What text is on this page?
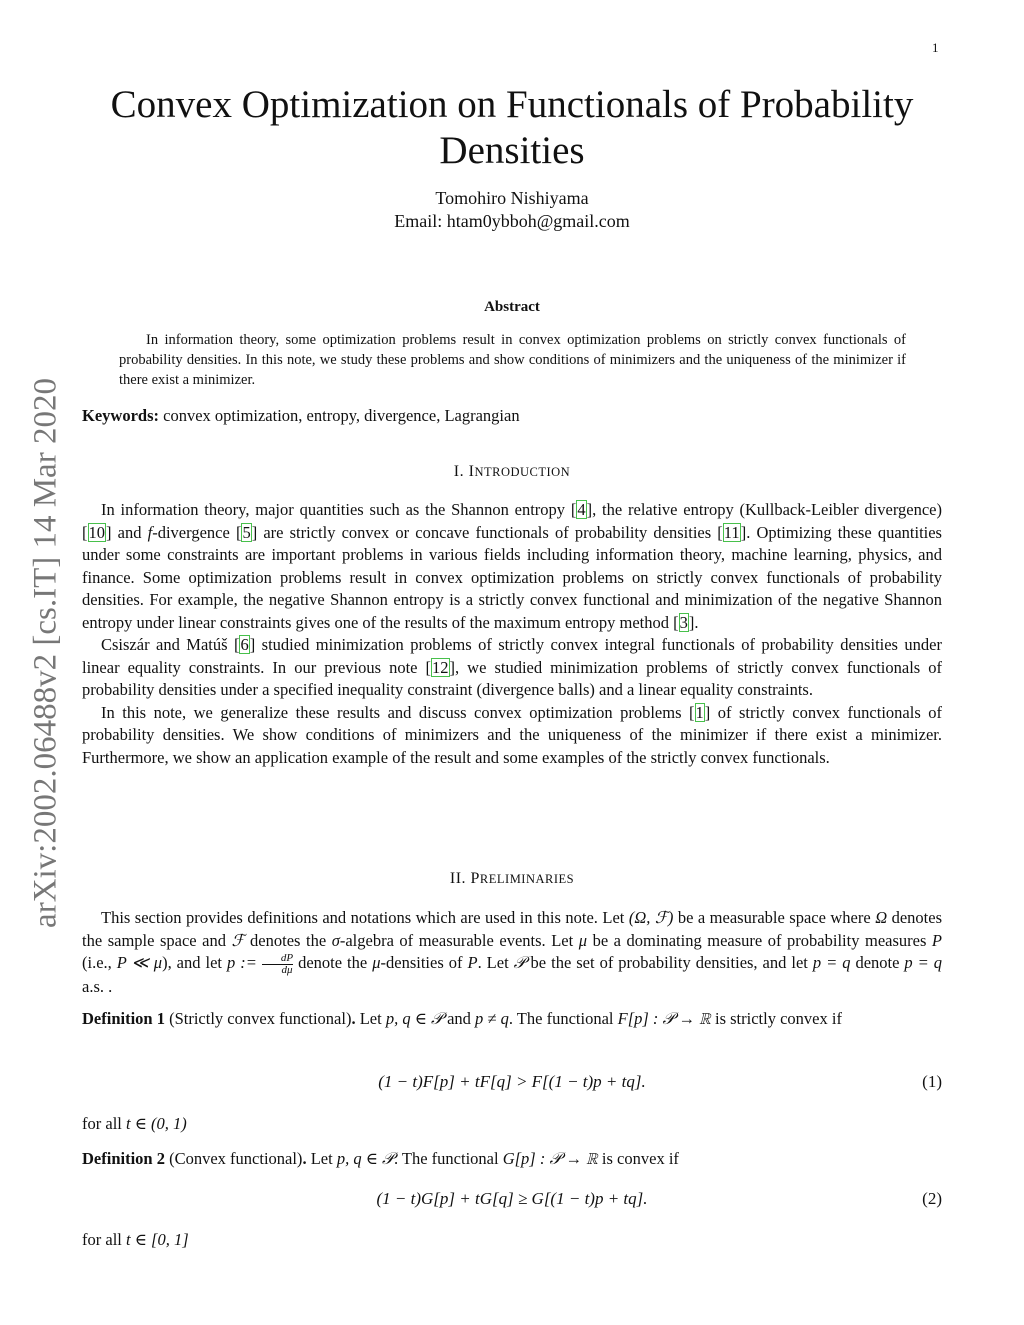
1
arXiv:2002.06488v2 [cs.IT] 14 Mar 2020
Convex Optimization on Functionals of Probability
Densities
Tomohiro Nishiyama
Email: htam0ybboh@gmail.com
Abstract

In information theory, some optimization problems result in convex optimization problems on strictly convex functionals of probability densities. In this note, we study these problems and show conditions of minimizers and the uniqueness of the minimizer if there exist a minimizer.

Keywords: convex optimization, entropy, divergence, Lagrangian

I. INTRODUCTION

In information theory, major quantities such as the Shannon entropy [4], the relative entropy (Kullback-Leibler divergence) [10] and f-divergence [5] are strictly convex or concave functionals of probability densities [11]. Optimizing these quantities under some constraints are important problems in various fields including information theory, machine learning, physics, and finance. Some optimization problems result in convex optimization problems on strictly convex functionals of probability densities. For example, the negative Shannon entropy is a strictly convex functional and minimization of the negative Shannon entropy under linear constraints gives one of the results of the maximum entropy method [3].

Csiszár and Matúš [6] studied minimization problems of strictly convex integral functionals of probability densities under linear equality constraints. In our previous note [12], we studied minimization problems of strictly convex functionals of probability densities under a specified inequality constraint (divergence balls) and a linear equality constraints.

In this note, we generalize these results and discuss convex optimization problems [1] of strictly convex functionals of probability densities. We show conditions of minimizers and the uniqueness of the minimizer if there exist a minimizer. Furthermore, we show an application example of the result and some examples of the strictly convex functionals.

II. PRELIMINARIES

This section provides definitions and notations which are used in this note. Let (Ω, ℱ) be a measurable space where Ω denotes the sample space and ℱ denotes the σ-algebra of measurable events. Let μ be a dominating measure of probability measures P (i.e., P ≪ μ), and let p := $\frac{dP}{d\mu}$ denote the μ-densities of P. Let 𝒫 be the set of probability densities, and let p = q denote p = q a.s. .

Definition 1 (Strictly convex functional). Let p, q ∈ 𝒫 and p ≠ q. The functional F[p] : 𝒫 → ℝ is strictly convex if

(1 − t)F[p] + tF[q] > F[(1 − t)p + tq].	(1)

for all t ∈ (0, 1)

Definition 2 (Convex functional). Let p, q ∈ 𝒫. The functional G[p] : 𝒫 → ℝ is convex if

(1 − t)G[p] + tG[q] ≥ G[(1 − t)p + tq].	(2)

for all t ∈ [0, 1]
